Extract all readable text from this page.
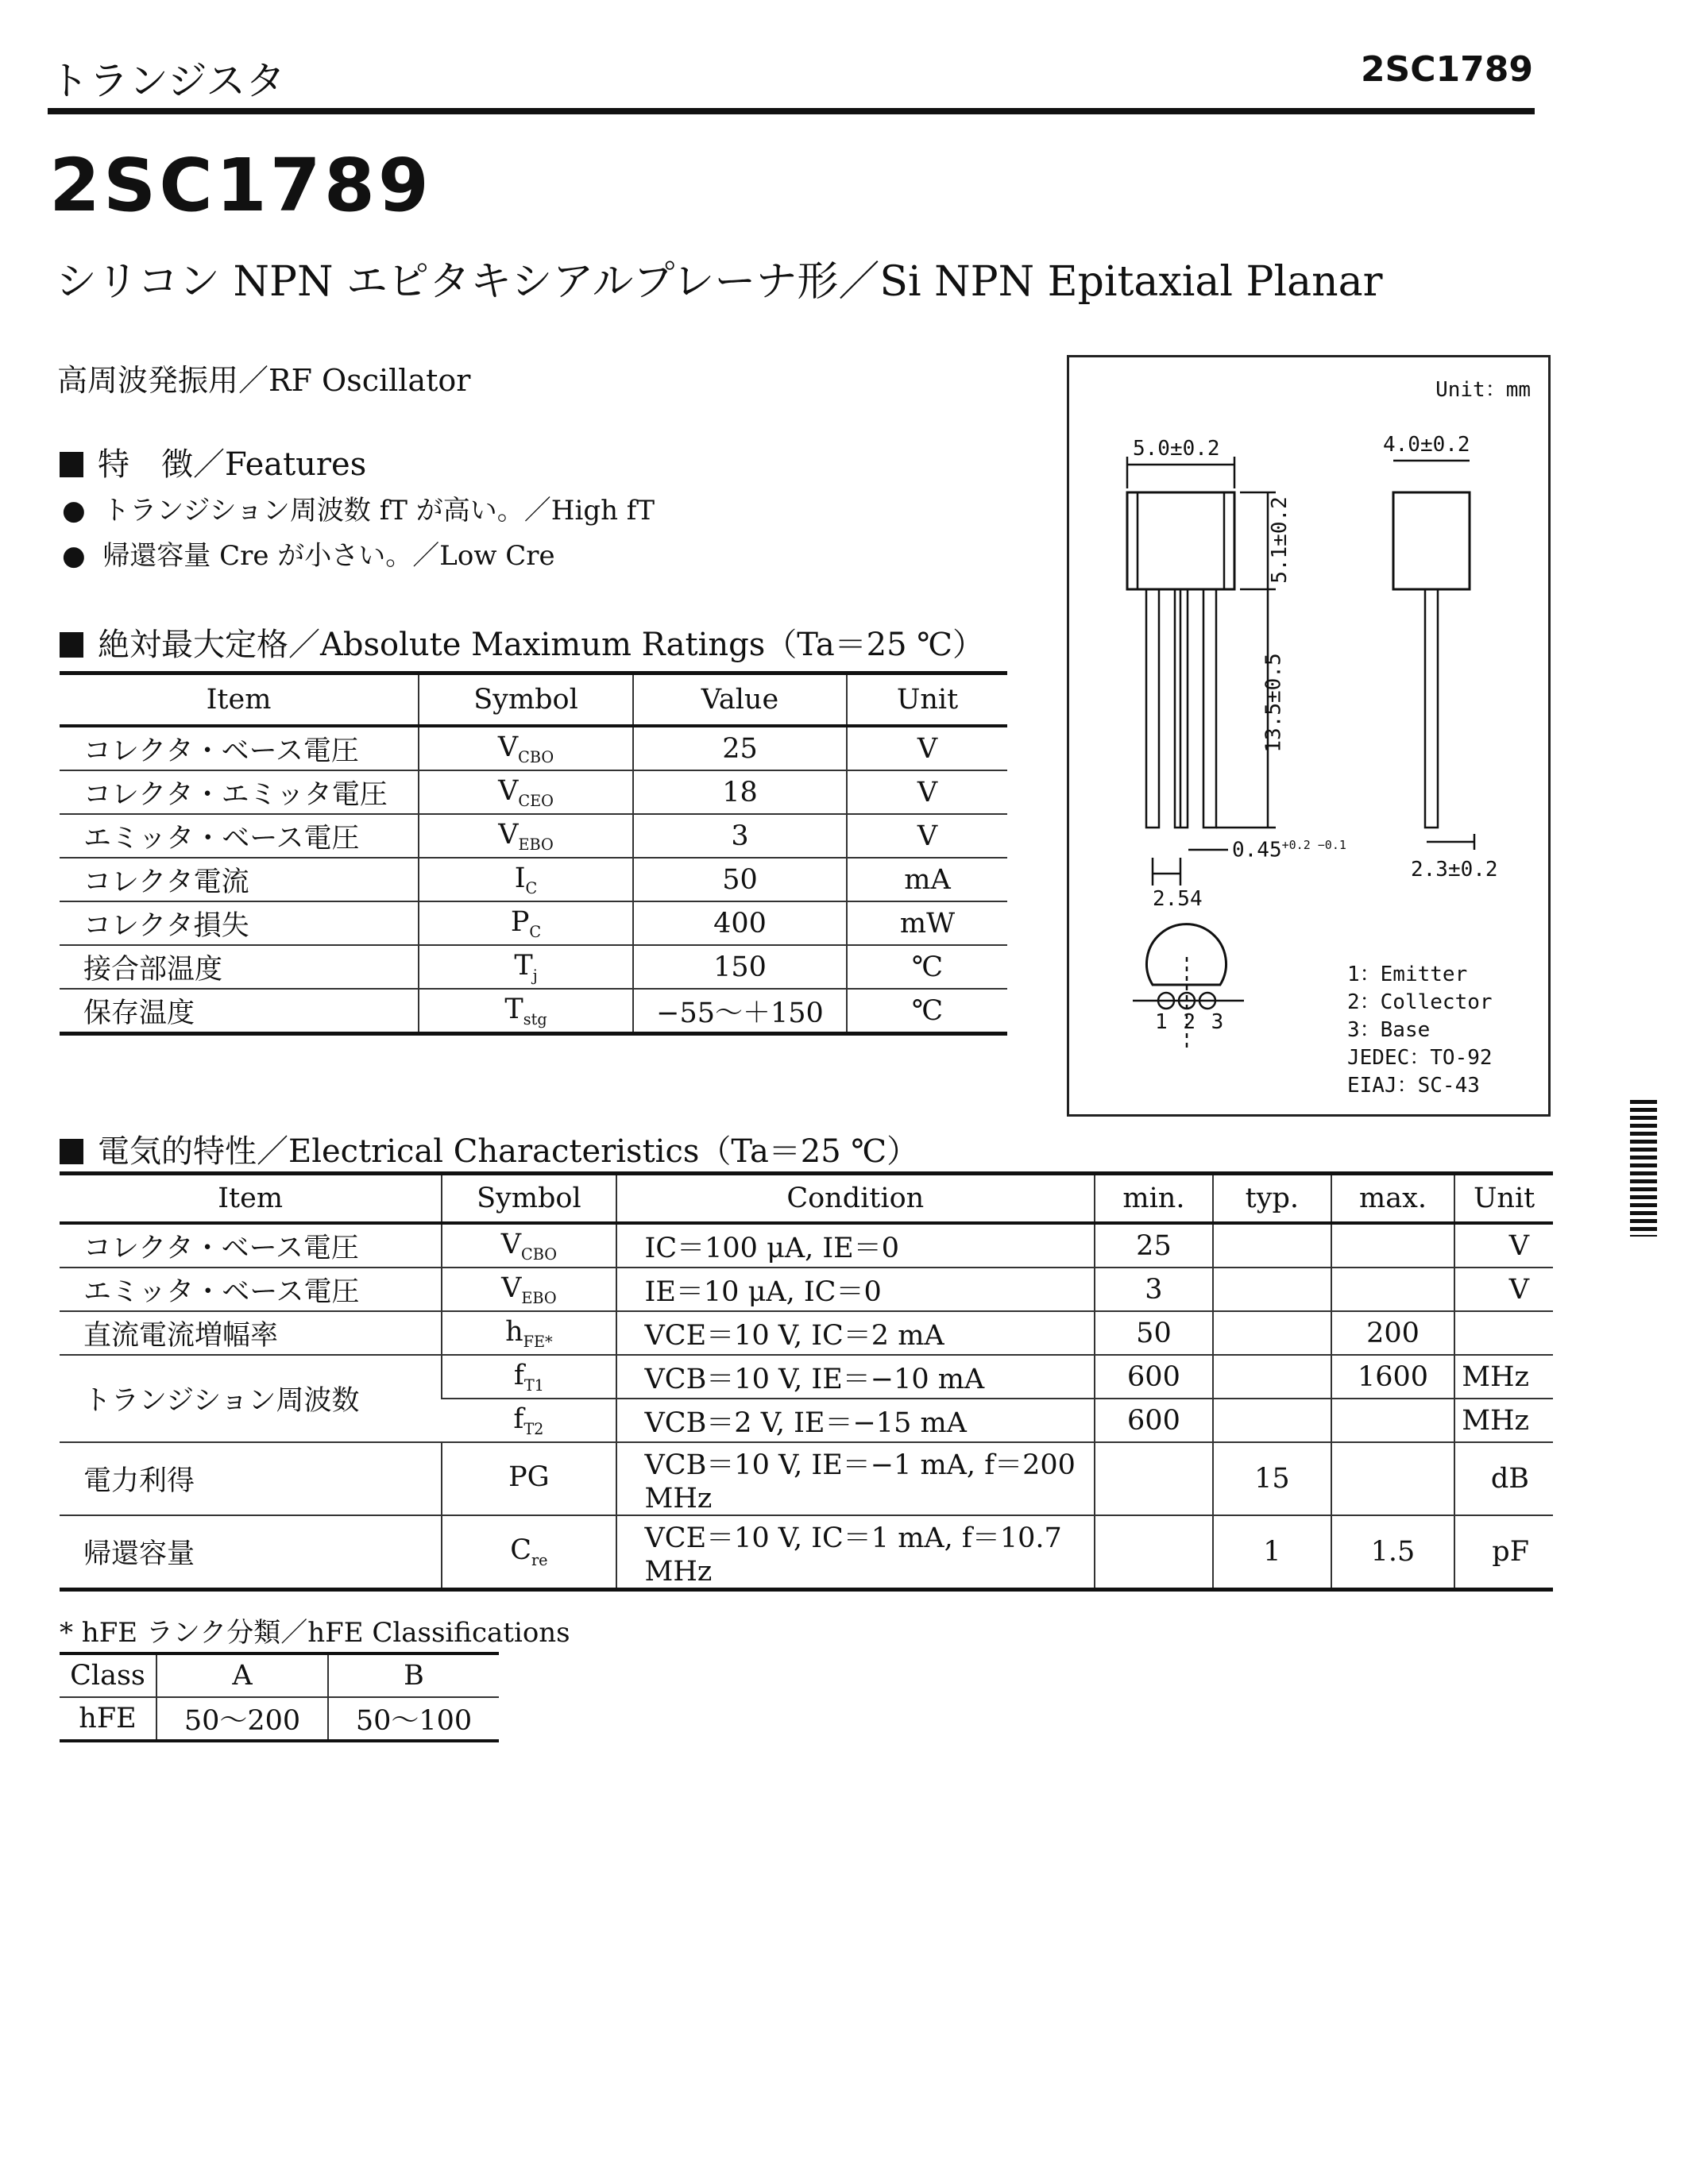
トランジスタ	2SC1789
2SC1789
シリコン NPN エピタキシアルプレーナ形／Si NPN Epitaxial Planar
高周波発振用／RF Oscillator
特　徴／Features
●  トランジション周波数 fT が高い。／High fT
●  帰還容量 Cre が小さい。／Low Cre
絶対最大定格／Absolute Maximum Ratings（Ta＝25 ℃）
Item	Symbol	Value	Unit
コレクタ・ベース電圧	$V_{CBO}$	25	V
コレクタ・エミッタ電圧	$V_{CEO}$	18	V
エミッタ・ベース電圧	$V_{EBO}$	3	V
コレクタ電流	$I_C$	50	mA
コレクタ損失	$P_C$	400	mW
接合部温度	$T_j$	150	℃
保存温度	$T_{stg}$	−55～＋150	℃
Unit：mm
5.0±0.2	4.0±0.2
5.1±0.2
13.5±0.5
$0.45^{+0.2 -0.1}$
2.54
2.3±0.2
1 2 3
1：Emitter
2：Collector
3：Base
JEDEC：TO-92
EIAJ：SC-43
電気的特性／Electrical Characteristics（Ta＝25 ℃）
Item	Symbol	Condition	min.	typ.	max.	Unit
コレクタ・ベース電圧	$V_{CBO}$	IC＝100 μA, IE＝0	25			V
エミッタ・ベース電圧	$V_{EBO}$	IE＝10 μA, IC＝0	3			V
直流電流増幅率	$h_{FE*}$	VCE＝10 V, IC＝2 mA	50		200	
トランジション周波数	$f_{T1}$	VCB＝10 V, IE＝−10 mA	600		1600	MHz
	$f_{T2}$	VCB＝2 V, IE＝−15 mA	600			MHz
電力利得	PG	VCB＝10 V, IE＝−1 mA, f＝200 MHz		15		dB
帰還容量	$C_{re}$	VCE＝10 V, IC＝1 mA, f＝10.7 MHz		1	1.5	pF
* hFE ランク分類／hFE Classifications
Class	A	B
hFE	50～200	50～100
